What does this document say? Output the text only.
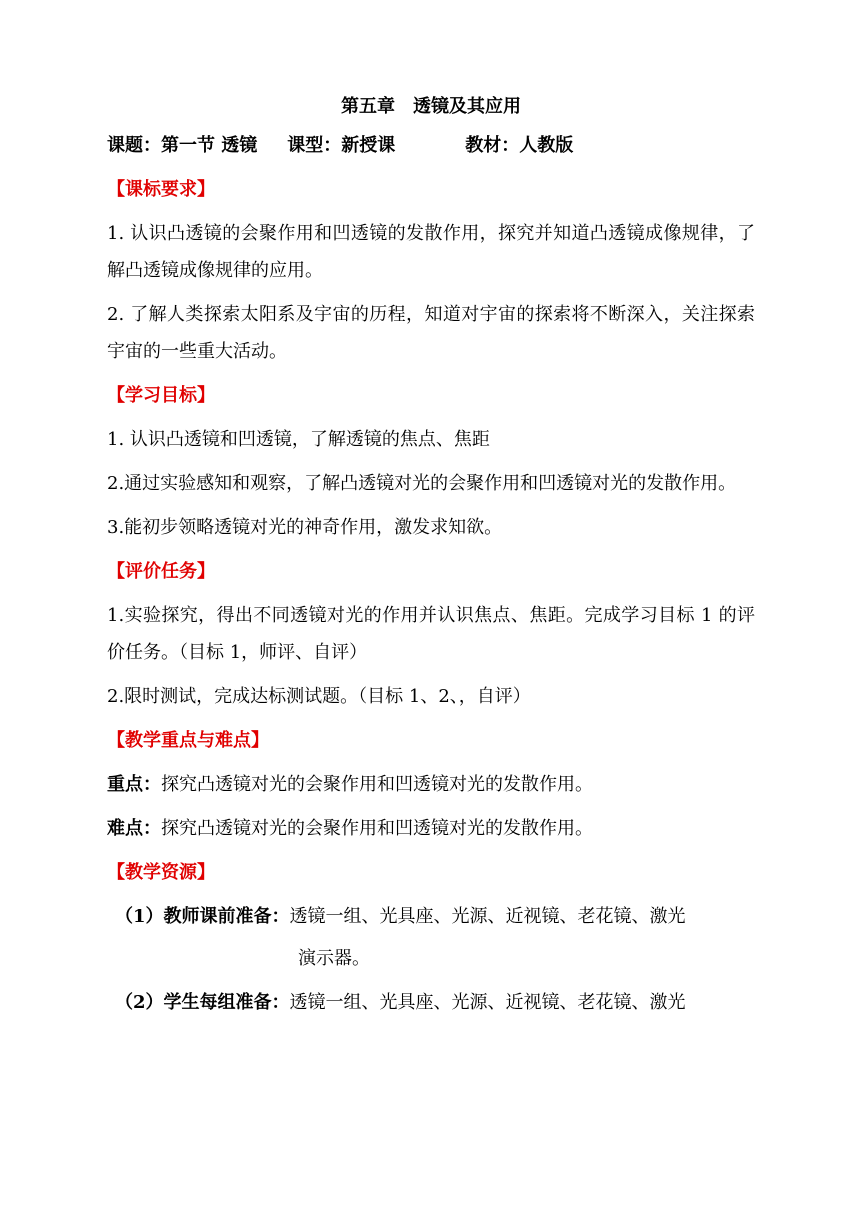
第五章　透镜及其应用

课题：第一节 透镜 课型：新授课	教材：人教版

【课标要求】

1. 认识凸透镜的会聚作用和凹透镜的发散作用，探究并知道凸透镜成像规律，了解凸透镜成像规律的应用。

2. 了解人类探索太阳系及宇宙的历程，知道对宇宙的探索将不断深入，关注探索宇宙的一些重大活动。

【学习目标】

1. 认识凸透镜和凹透镜，了解透镜的焦点、焦距

2.通过实验感知和观察，了解凸透镜对光的会聚作用和凹透镜对光的发散作用。

3.能初步领略透镜对光的神奇作用，激发求知欲。

【评价任务】

1.实验探究，得出不同透镜对光的作用并认识焦点、焦距。完成学习目标 1 的评价任务。（目标 1，师评、自评）

2.限时测试，完成达标测试题。（目标 1、2、，自评）

【教学重点与难点】

重点：探究凸透镜对光的会聚作用和凹透镜对光的发散作用。

难点：探究凸透镜对光的会聚作用和凹透镜对光的发散作用。

【教学资源】

（1）教师课前准备：透镜一组、光具座、光源、近视镜、老花镜、激光
演示器。
（2）学生每组准备：透镜一组、光具座、光源、近视镜、老花镜、激光
